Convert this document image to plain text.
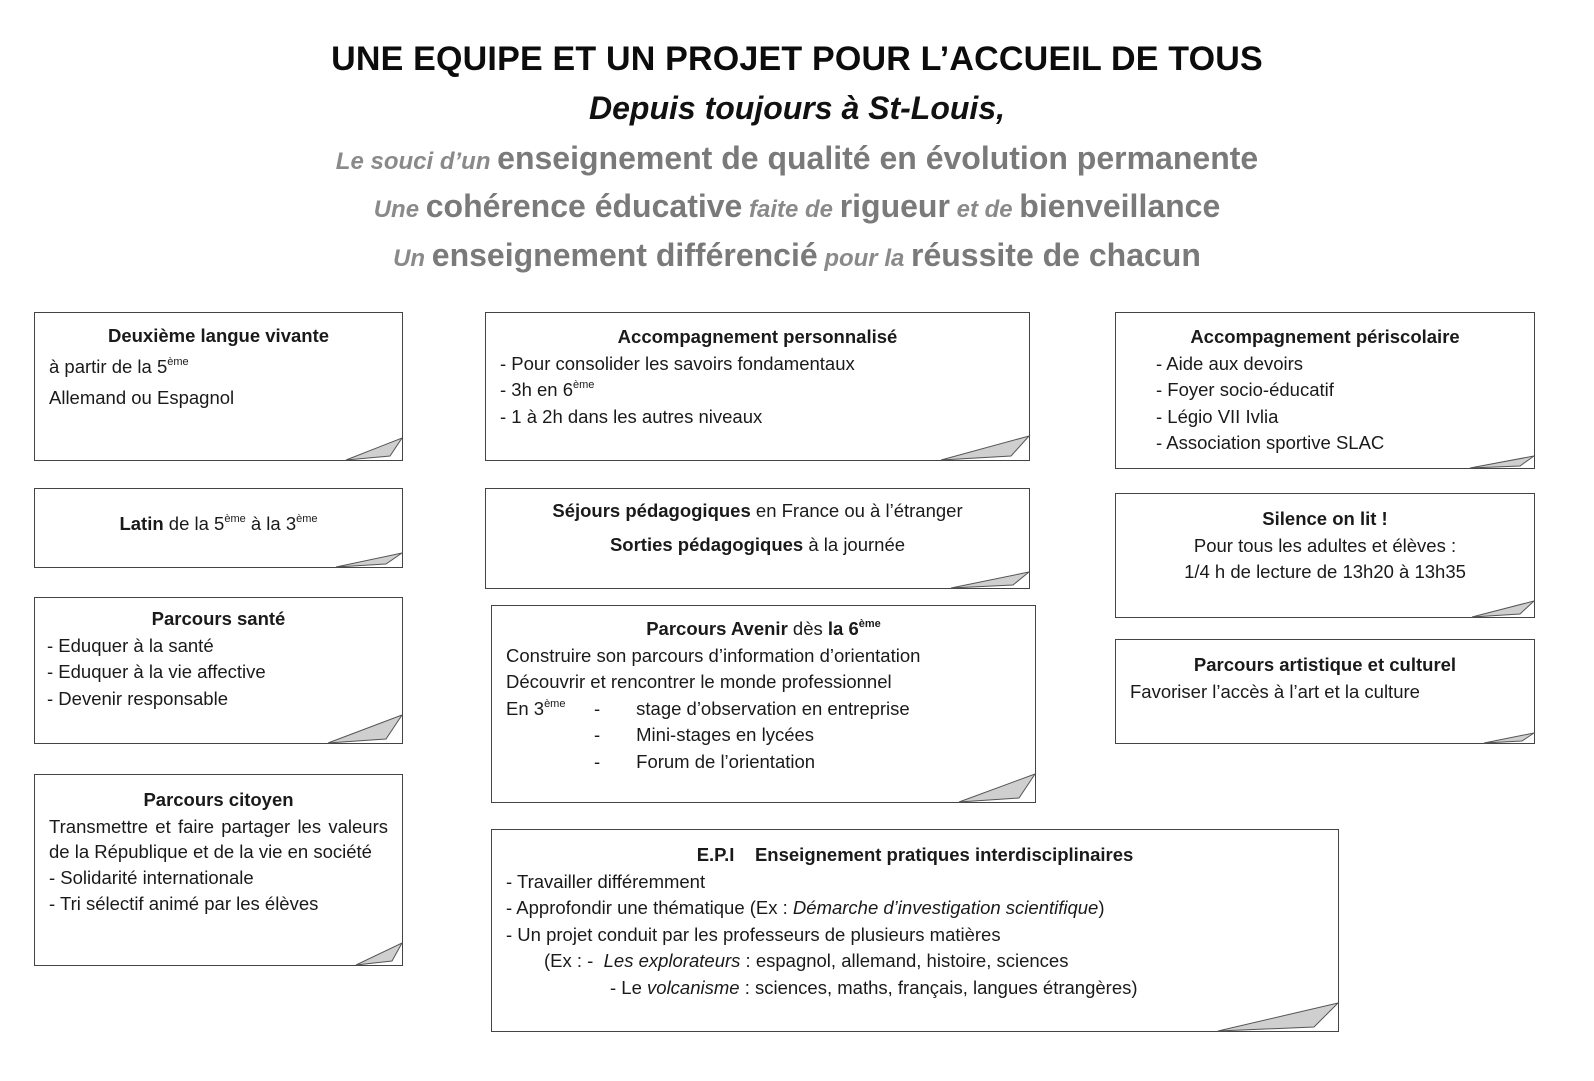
UNE EQUIPE ET UN PROJET POUR L’ACCUEIL DE TOUS
Depuis toujours à St-Louis,
Le souci d’un enseignement de qualité en évolution permanente
Une cohérence éducative faite de rigueur et de bienveillance
Un enseignement différencié pour la réussite de chacun
Deuxième langue vivante
à partir de la 5ème
Allemand ou Espagnol
Latin de la 5ème à la 3ème
Parcours santé
- Eduquer à la santé
- Eduquer à la vie affective
- Devenir responsable
Parcours citoyen
Transmettre et faire partager les valeurs de la République et de la vie en société
- Solidarité internationale
- Tri sélectif animé par les élèves
Accompagnement personnalisé
- Pour consolider les savoirs fondamentaux
- 3h en 6ème
- 1 à 2h dans les autres niveaux
Séjours pédagogiques en France ou à l’étranger
Sorties pédagogiques à la journée
Parcours Avenir dès la 6ème
Construire son parcours d’information d’orientation
Découvrir et rencontrer le monde professionnel
En 3ème	-       stage d’observation en entreprise
-       Mini-stages en lycées
-       Forum de l’orientation
E.P.I    Enseignement pratiques interdisciplinaires
- Travailler différemment
- Approfondir une thématique (Ex : Démarche d’investigation scientifique)
- Un projet conduit par les professeurs de plusieurs matières
(Ex : -  Les explorateurs : espagnol, allemand, histoire, sciences
- Le volcanisme : sciences, maths, français, langues étrangères)
Accompagnement périscolaire
- Aide aux devoirs
- Foyer socio-éducatif
- Légio VII Ivlia
- Association sportive SLAC
Silence on lit !
Pour tous les adultes et élèves :
1/4 h de lecture de 13h20 à 13h35
Parcours artistique et culturel
Favoriser l’accès à l’art et la culture
